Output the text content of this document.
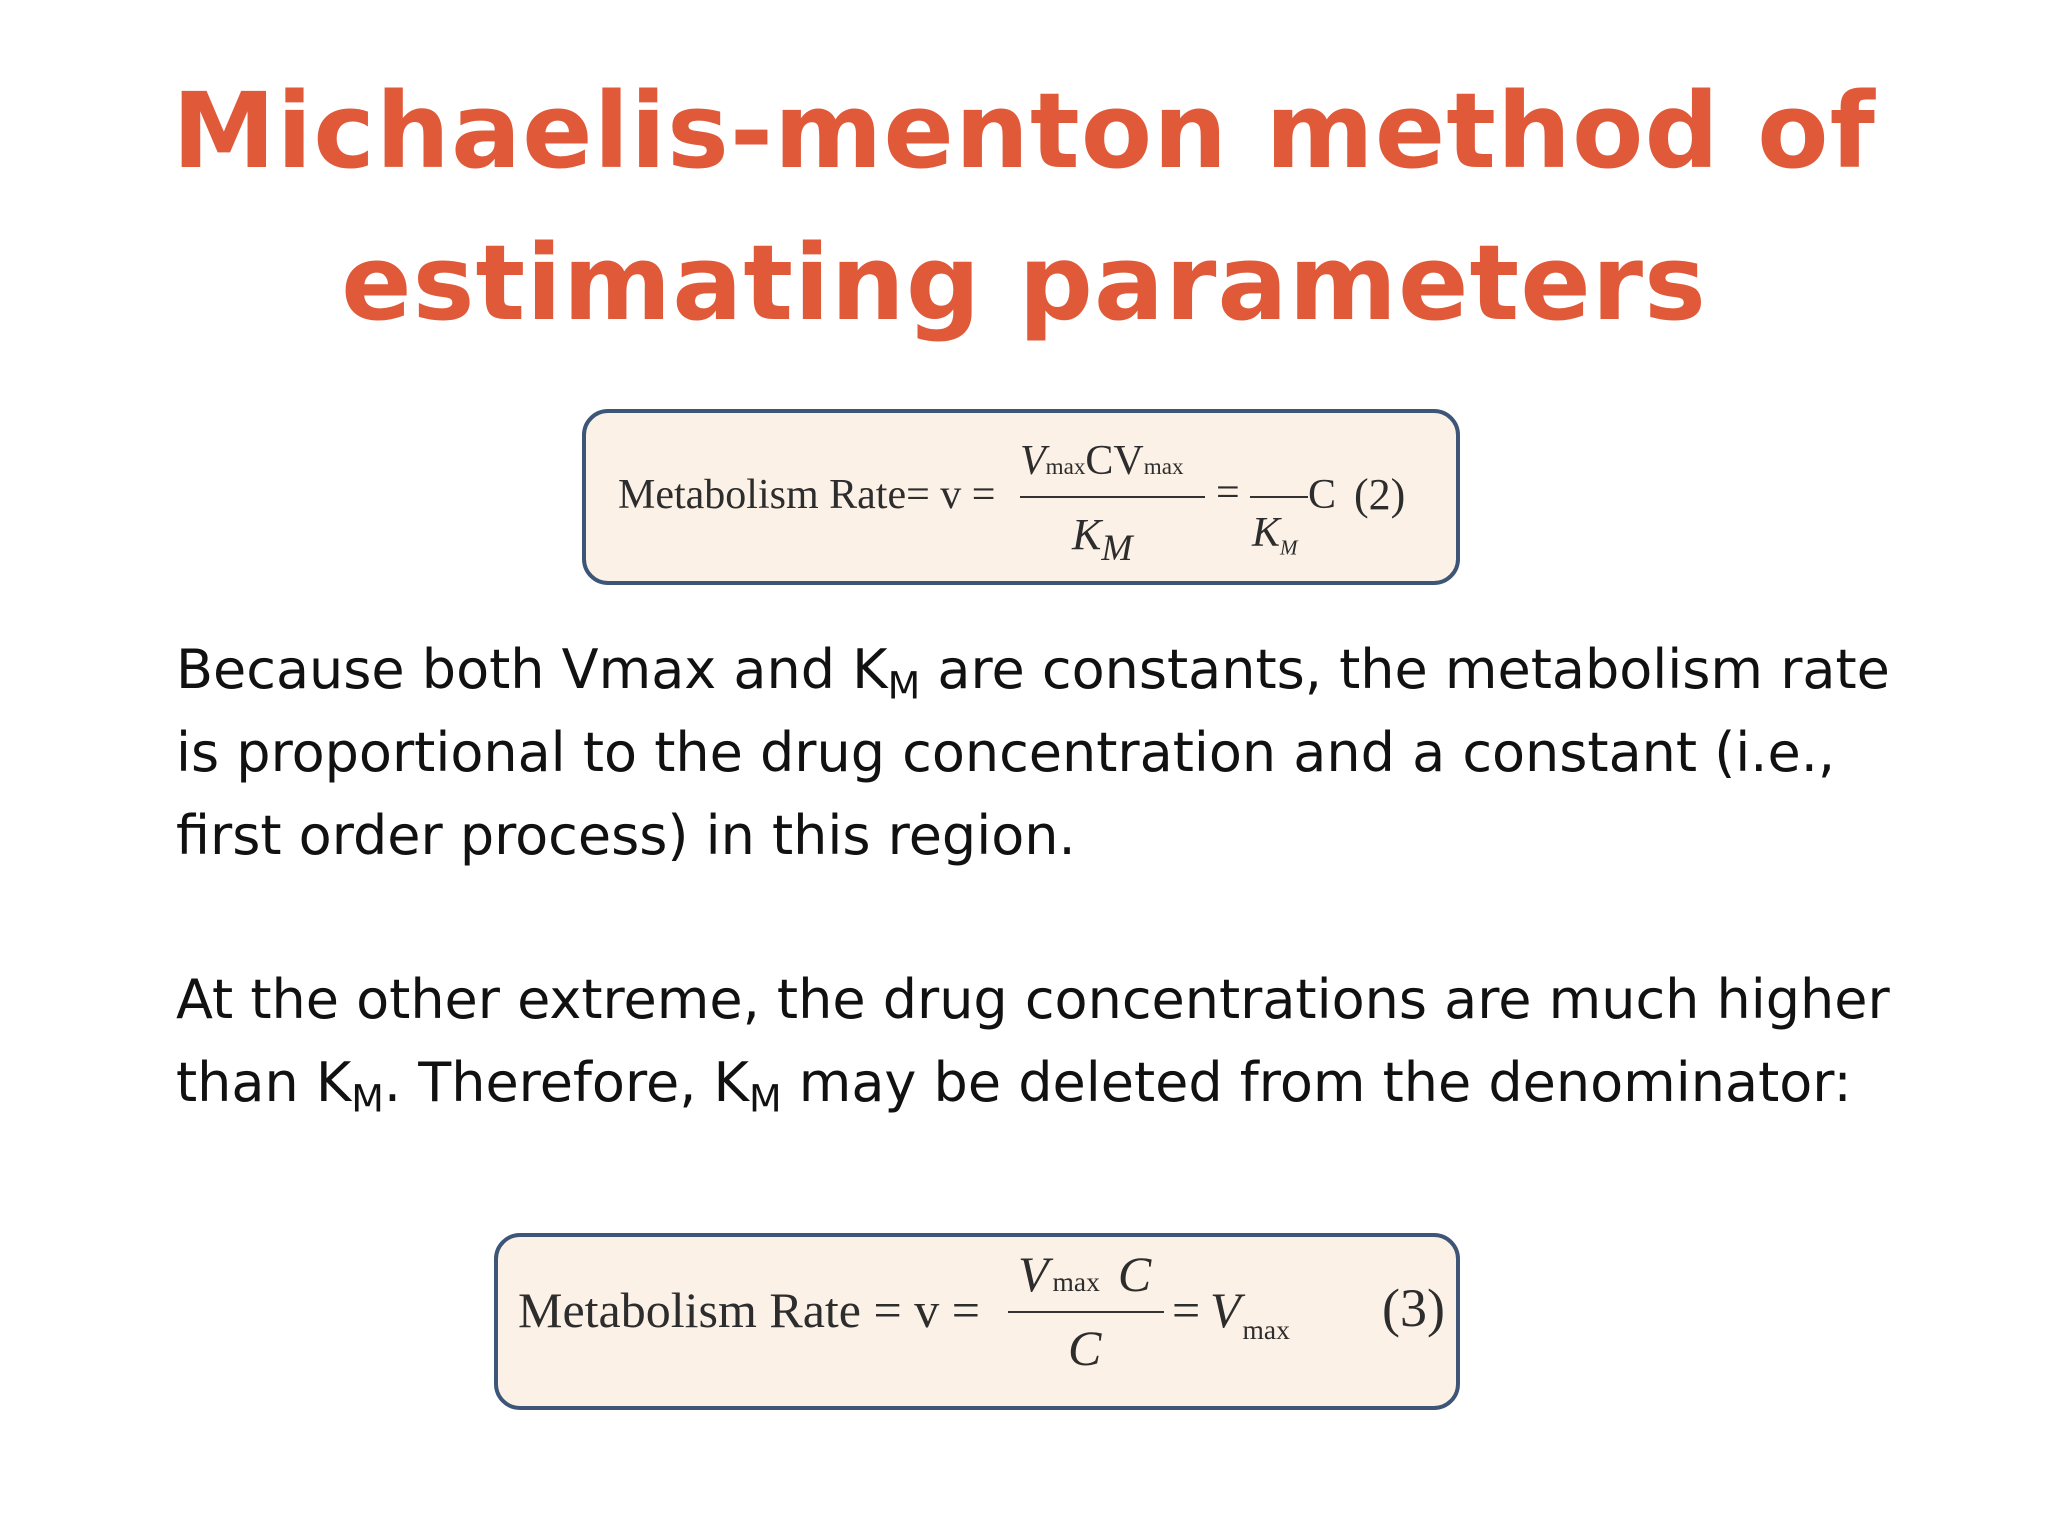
Michaelis-menton method of
estimating parameters
Metabolism Rate= v =
VmaxCVmax
$K_M$
=
$K_M$
C (2)
Because both Vmax and $K_M$ are constants, the metabolism rate is proportional to the drug concentration and a constant (i.e., first order process) in this region.
At the other extreme, the drug concentrations are much higher than $K_M$. Therefore, $K_M$ may be deleted from the denominator:
Metabolism Rate = v =
Vmax C
C
= $V_{max}$ (3)
